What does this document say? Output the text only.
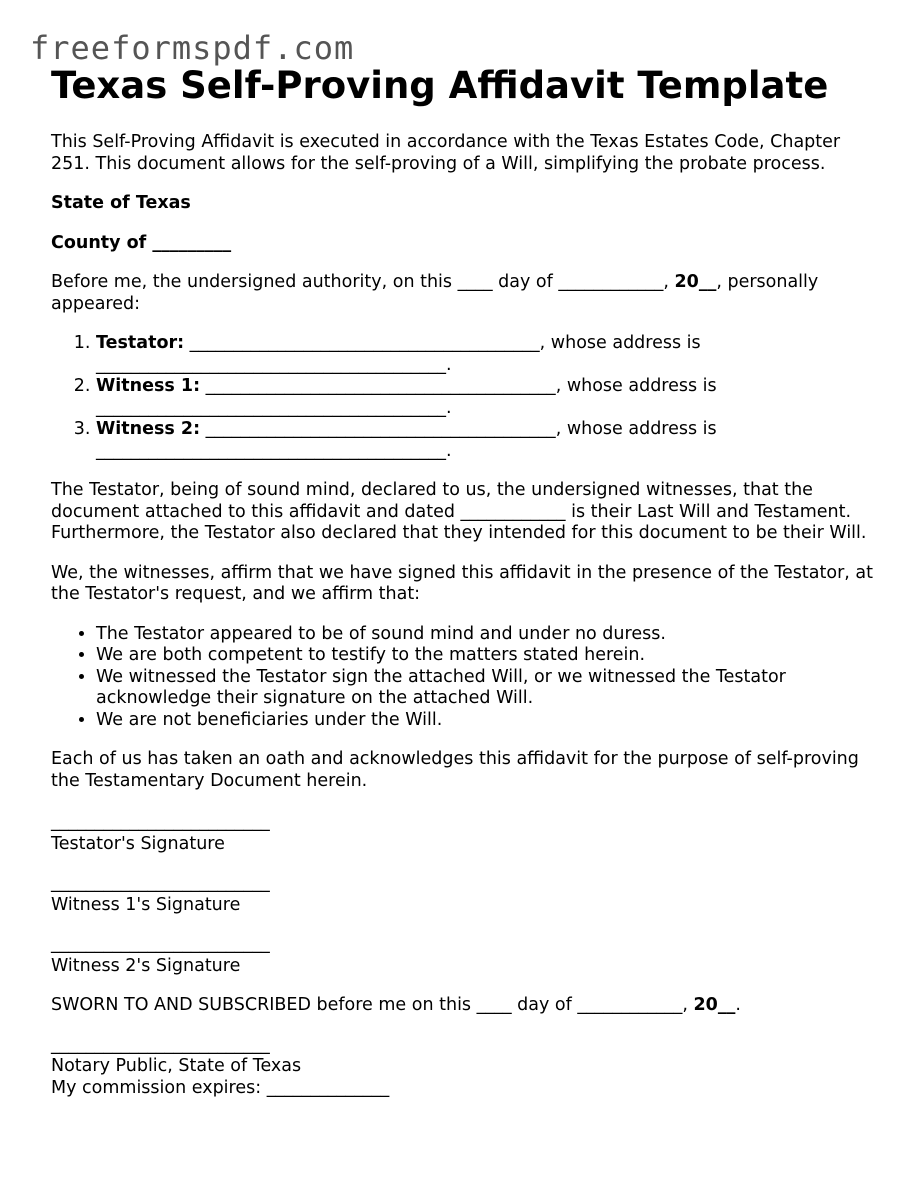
freeformspdf.com
Texas Self-Proving Affidavit Template

This Self-Proving Affidavit is executed in accordance with the Texas Estates Code, Chapter 251. This document allows for the self-proving of a Will, simplifying the probate process.

State of Texas

County of _________

Before me, the undersigned authority, on this ____ day of ____________, 20__, personally appeared:

1. Testator: ________________________________________, whose address is ________________________________________.
2. Witness 1: ________________________________________, whose address is ________________________________________.
3. Witness 2: ________________________________________, whose address is ________________________________________.

The Testator, being of sound mind, declared to us, the undersigned witnesses, that the document attached to this affidavit and dated ____________ is their Last Will and Testament. Furthermore, the Testator also declared that they intended for this document to be their Will.

We, the witnesses, affirm that we have signed this affidavit in the presence of the Testator, at the Testator's request, and we affirm that:

• The Testator appeared to be of sound mind and under no duress.
• We are both competent to testify to the matters stated herein.
• We witnessed the Testator sign the attached Will, or we witnessed the Testator acknowledge their signature on the attached Will.
• We are not beneficiaries under the Will.

Each of us has taken an oath and acknowledges this affidavit for the purpose of self-proving the Testamentary Document herein.

_________________________
Testator's Signature
_________________________
Witness 1's Signature
_________________________
Witness 2's Signature

SWORN TO AND SUBSCRIBED before me on this ____ day of ____________, 20__.

_________________________
Notary Public, State of Texas
My commission expires: ______________
